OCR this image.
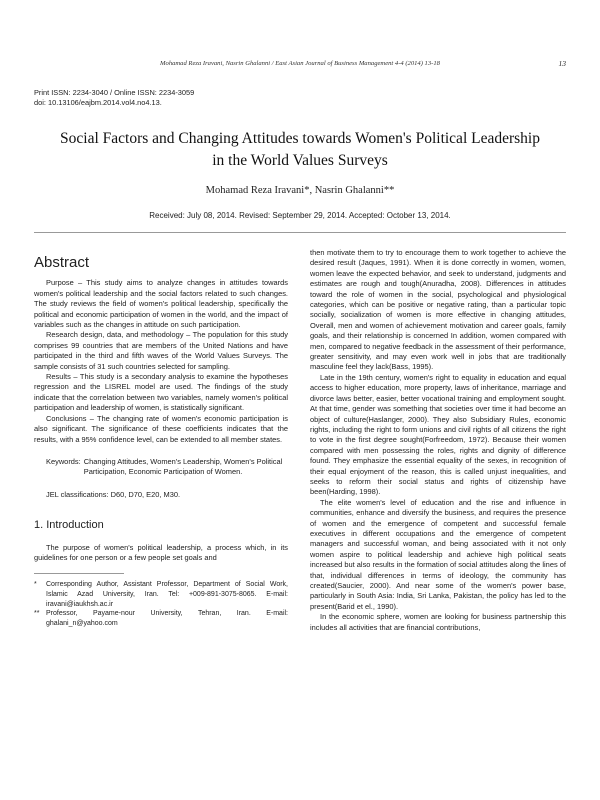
Mohamad Reza Iravani, Nasrin Ghalanni / East Asian Journal of Business Management 4-4 (2014) 13-18	13
Print ISSN: 2234-3040 / Online ISSN: 2234-3059
doi: 10.13106/eajbm.2014.vol4.no4.13.
Social Factors and Changing Attitudes towards Women's Political Leadership
in the World Values Surveys
Mohamad Reza Iravani*, Nasrin Ghalanni**
Received: July 08, 2014. Revised: September 29, 2014. Accepted: October 13, 2014.
Abstract

Purpose – This study aims to analyze changes in attitudes towards women's political leadership and the social factors related to such changes. The study reviews the field of women's political leadership, specifically the political and economic participation of women in the world, and the impact of variables such as the changes in attitude on such participation.

Research design, data, and methodology – The population for this study comprises 99 countries that are members of the United Nations and have participated in the third and fifth waves of the World Values Surveys. The sample consists of 31 such countries selected for sampling.

Results – This study is a secondary analysis to examine the hypotheses regression and the LISREL model are used. The findings of the study indicate that the correlation between two variables, namely women's political participation and leadership of women, is statistically significant.

Conclusions – The changing rate of women's economic participation is also significant. The significance of these coefficients indicates that the results, with a 95% confidence level, can be extended to all member states.

Keywords: Changing Attitudes, Women's Leadership, Women's Political Participation, Economic Participation of Women.
JEL classifications: D60, D70, E20, M30.
1. Introduction

The purpose of women's political leadership, a process which, in its guidelines for one person or a few people set goals and

*	Corresponding Author, Assistant Professor, Department of Social Work, Islamic Azad University, Iran. Tel: +009-891-3075-8065. E-mail: iravani@iaukhsh.ac.ir
** Professor, Payame-nour University, Tehran, Iran. E-mail: ghalani_n@yahoo.com

then motivate them to try to encourage them to work together to achieve the desired result (Jaques, 1991). When it is done correctly in women, women, women leave the expected behavior, and seek to understand, judgments and estimates are rough and tough(Anuradha, 2008). Differences in attitudes toward the role of women in the social, psychological and physiological categories, which can be positive or negative rating, than a particular topic socially, socialization of women is more effective in changing attitudes, Overall, men and women of achievement motivation and career goals, family goals, and their relationship is concerned In addition, women compared with men, compared to negative feedback in the assessment of their performance, greater sensitivity, and may even work well in jobs that are traditionally masculine feel they lack(Bass, 1995).

Late in the 19th century, women's right to equality in education and equal access to higher education, more property, laws of inheritance, marriage and divorce laws better, easier, better vocational training and employment sought. At that time, gender was something that societies over time it had become an object of culture(Haslanger, 2000). They also Subsidiary Rules, economic rights, including the right to form unions and civil rights of all citizens the right to vote in the first degree sought(Forfreedom, 1972). Because their women compared with men possessing the roles, rights and dignity of difference found. They emphasize the essential equality of the sexes, in recognition of their equal enjoyment of the reason, this is called unjust inequalities, and seeks to reform their social status and rights of citizenship have been(Harding, 1998).

The elite women's level of education and the rise and influence in communities, enhance and diversify the business, and requires the presence of women and the emergence of competent and successful female executives in different occupations and the emergence of competent managers and successful woman, and being associated with it not only women aspire to political leadership and achieve high political seats increased but also results in the formation of social attitudes along the lines of that, individual differences in terms of ideology, the community has created(Saucier, 2000). And near some of the women's power base, particularly in South Asia: India, Sri Lanka, Pakistan, the policy has led to the present(Barid et el., 1990).

In the economic sphere, women are looking for business partnership this includes all activities that are financial contributions,
